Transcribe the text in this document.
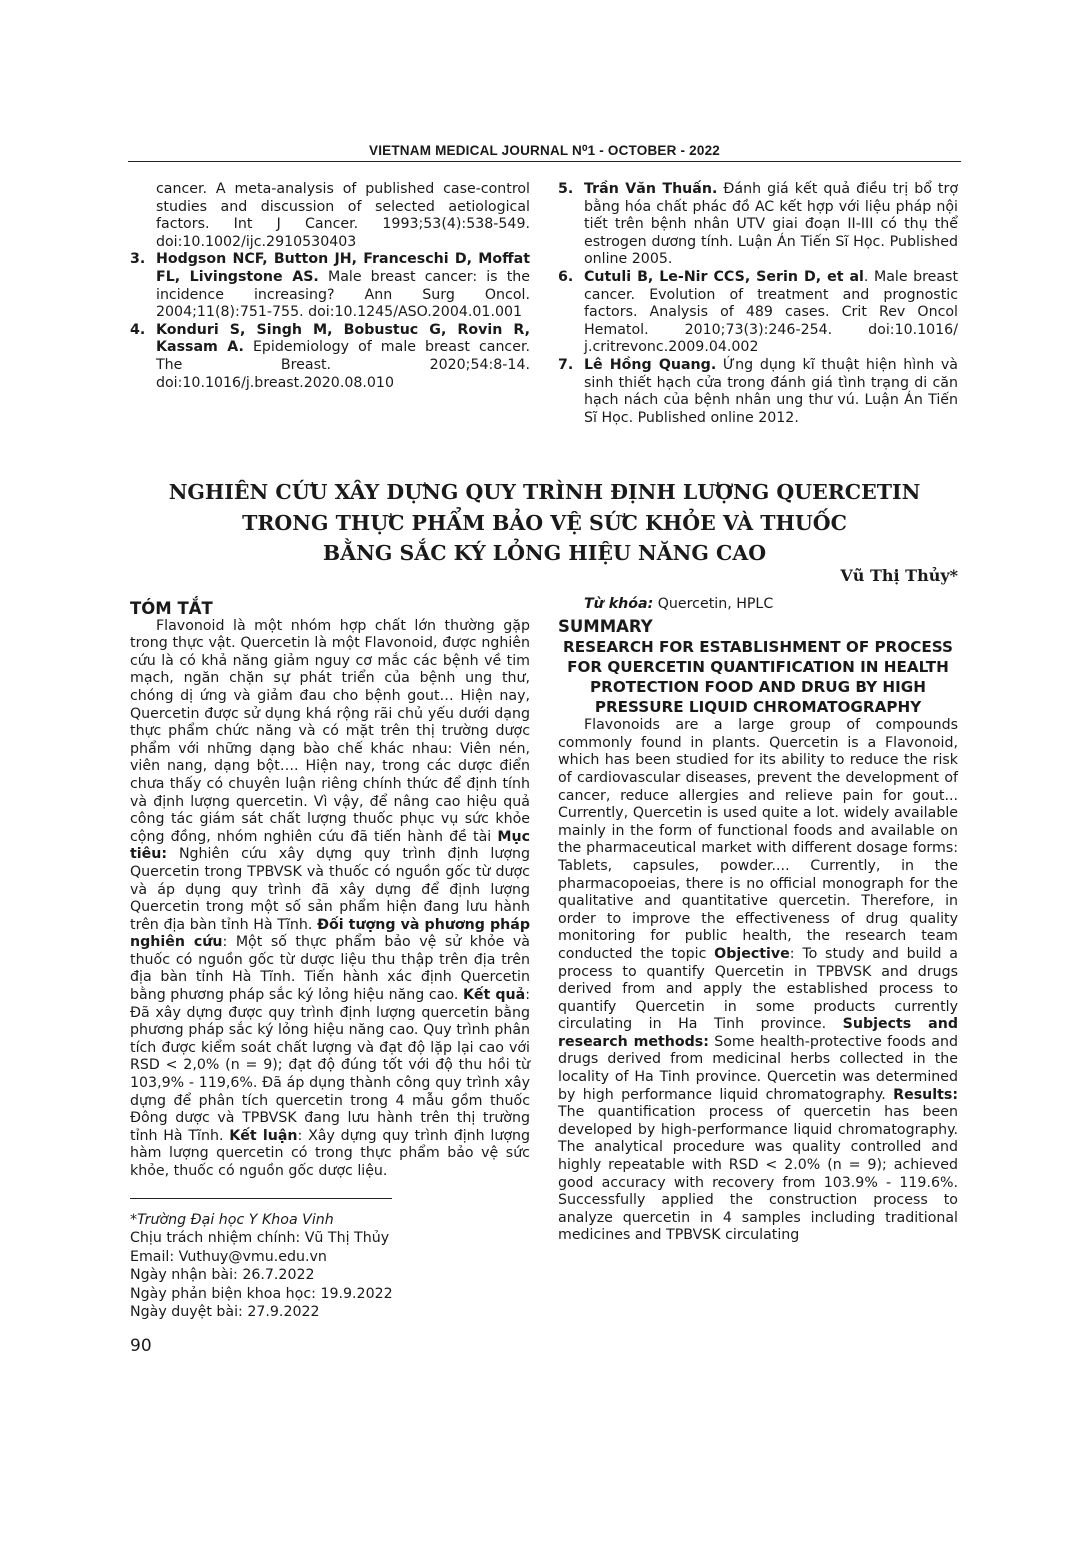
VIETNAM MEDICAL JOURNAL N⁰1 - OCTOBER - 2022

cancer. A meta-analysis of published case-control studies and discussion of selected aetiological factors. Int J Cancer. 1993;53(4):538-549. doi:10.1002/ijc.2910530403

3. Hodgson NCF, Button JH, Franceschi D, Moffat FL, Livingstone AS. Male breast cancer: is the incidence increasing? Ann Surg Oncol. 2004;11(8):751-755. doi:10.1245/ASO.2004.01.001

4. Konduri S, Singh M, Bobustuc G, Rovin R, Kassam A. Epidemiology of male breast cancer. The Breast. 2020;54:8-14. doi:10.1016/j.breast.2020.08.010

5. Trần Văn Thuấn. Đánh giá kết quả điều trị bổ trợ bằng hóa chất phác đồ AC kết hợp với liệu pháp nội tiết trên bệnh nhân UTV giai đoạn II-III có thụ thể estrogen dương tính. Luận Án Tiến Sĩ Học. Published online 2005.

6. Cutuli B, Le-Nir CCS, Serin D, et al. Male breast cancer. Evolution of treatment and prognostic factors. Analysis of 489 cases. Crit Rev Oncol Hematol. 2010;73(3):246-254. doi:10.1016/ j.critrevonc.2009.04.002

7. Lê Hồng Quang. Ứng dụng kĩ thuật hiện hình và sinh thiết hạch cửa trong đánh giá tình trạng di căn hạch nách của bệnh nhân ung thư vú. Luận Án Tiến Sĩ Học. Published online 2012.

NGHIÊN CỨU XÂY DỰNG QUY TRÌNH ĐỊNH LƯỢNG QUERCETIN
TRONG THỰC PHẨM BẢO VỆ SỨC KHỎE VÀ THUỐC
BẰNG SẮC KÝ LỎNG HIỆU NĂNG CAO
Vũ Thị Thủy*
TÓM TẮT

Flavonoid là một nhóm hợp chất lớn thường gặp trong thực vật. Quercetin là một Flavonoid, được nghiên cứu là có khả năng giảm nguy cơ mắc các bệnh về tim mạch, ngăn chặn sự phát triển của bệnh ung thư, chóng dị ứng và giảm đau cho bệnh gout… Hiện nay, Quercetin được sử dụng khá rộng rãi chủ yếu dưới dạng thực phẩm chức năng và có mặt trên thị trường dược phẩm với những dạng bào chế khác nhau: Viên nén, viên nang, dạng bột…. Hiện nay, trong các dược điển chưa thấy có chuyên luận riêng chính thức để định tính và định lượng quercetin. Vì vậy, để nâng cao hiệu quả công tác giám sát chất lượng thuốc phục vụ sức khỏe cộng đồng, nhóm nghiên cứu đã tiến hành đề tài Mục tiêu: Nghiên cứu xây dựng quy trình định lượng Quercetin trong TPBVSK và thuốc có nguồn gốc từ dược và áp dụng quy trình đã xây dựng để định lượng Quercetin trong một số sản phẩm hiện đang lưu hành trên địa bàn tỉnh Hà Tĩnh. Đối tượng và phương pháp nghiên cứu: Một số thực phẩm bảo vệ sử khỏe và thuốc có nguồn gốc từ dược liệu thu thập trên địa trên địa bàn tỉnh Hà Tĩnh. Tiến hành xác định Quercetin bằng phương pháp sắc ký lỏng hiệu năng cao. Kết quả: Đã xây dựng được quy trình định lượng quercetin bằng phương pháp sắc ký lỏng hiệu năng cao. Quy trình phân tích được kiểm soát chất lượng và đạt độ lặp lại cao với RSD < 2,0% (n = 9); đạt độ đúng tốt với độ thu hồi từ 103,9% - 119,6%. Đã áp dụng thành công quy trình xây dựng để phân tích quercetin trong 4 mẫu gồm thuốc Đông dược và TPBVSK đang lưu hành trên thị trường tỉnh Hà Tĩnh. Kết luận: Xây dựng quy trình định lượng hàm lượng quercetin có trong thực phẩm bảo vệ sức khỏe, thuốc có nguồn gốc dược liệu.

Từ khóa: Quercetin, HPLC

SUMMARY
RESEARCH FOR ESTABLISHMENT OF PROCESS FOR QUERCETIN QUANTIFICATION IN HEALTH PROTECTION FOOD AND DRUG BY HIGH PRESSURE LIQUID CHROMATOGRAPHY

Flavonoids are a large group of compounds commonly found in plants. Quercetin is a Flavonoid, which has been studied for its ability to reduce the risk of cardiovascular diseases, prevent the development of cancer, reduce allergies and relieve pain for gout... Currently, Quercetin is used quite a lot. widely available mainly in the form of functional foods and available on the pharmaceutical market with different dosage forms: Tablets, capsules, powder.... Currently, in the pharmacopoeias, there is no official monograph for the qualitative and quantitative quercetin. Therefore, in order to improve the effectiveness of drug quality monitoring for public health, the research team conducted the topic Objective: To study and build a process to quantify Quercetin in TPBVSK and drugs derived from and apply the established process to quantify Quercetin in some products currently circulating in Ha Tinh province. Subjects and research methods: Some health-protective foods and drugs derived from medicinal herbs collected in the locality of Ha Tinh province. Quercetin was determined by high performance liquid chromatography. Results: The quantification process of quercetin has been developed by high-performance liquid chromatography. The analytical procedure was quality controlled and highly repeatable with RSD < 2.0% (n = 9); achieved good accuracy with recovery from 103.9% - 119.6%. Successfully applied the construction process to analyze quercetin in 4 samples including traditional medicines and TPBVSK circulating

*Trường Đại học Y Khoa Vinh
Chịu trách nhiệm chính: Vũ Thị Thủy
Email: Vuthuy@vmu.edu.vn
Ngày nhận bài: 26.7.2022
Ngày phản biện khoa học: 19.9.2022
Ngày duyệt bài: 27.9.2022
90
